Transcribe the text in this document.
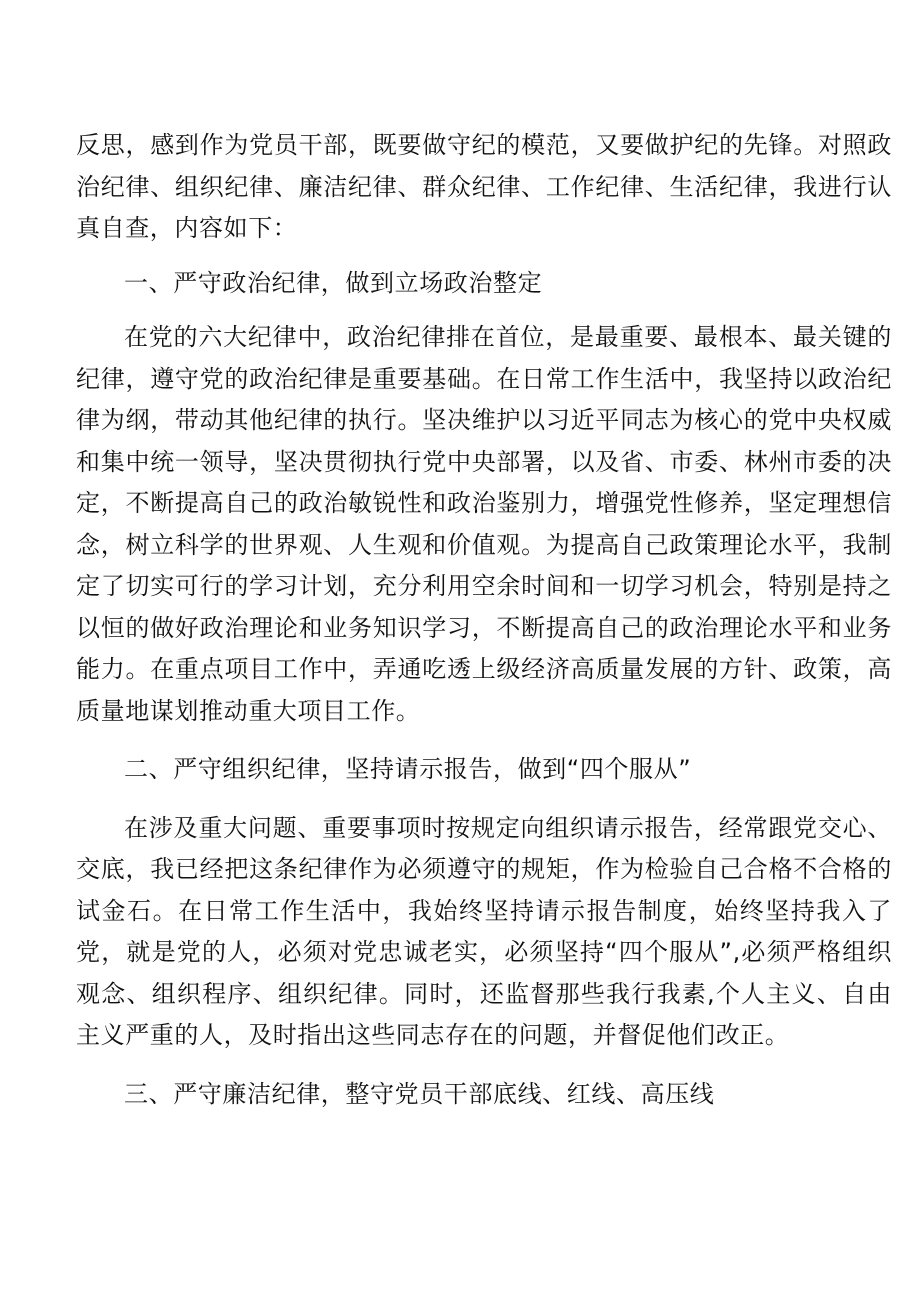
反思，感到作为党员干部，既要做守纪的模范，又要做护纪的先锋。对照政治纪律、组织纪律、廉洁纪律、群众纪律、工作纪律、生活纪律，我进行认真自查，内容如下：

一、严守政治纪律，做到立场政治整定

在党的六大纪律中，政治纪律排在首位，是最重要、最根本、最关键的纪律，遵守党的政治纪律是重要基础。在日常工作生活中，我坚持以政治纪律为纲，带动其他纪律的执行。坚决维护以习近平同志为核心的党中央权威和集中统一领导，坚决贯彻执行党中央部署，以及省、市委、林州市委的决定，不断提高自己的政治敏锐性和政治鉴别力，增强党性修养，坚定理想信念，树立科学的世界观、人生观和价值观。为提高自己政策理论水平，我制定了切实可行的学习计划，充分利用空余时间和一切学习机会，特别是持之以恒的做好政治理论和业务知识学习，不断提高自己的政治理论水平和业务能力。在重点项目工作中，弄通吃透上级经济高质量发展的方针、政策，高质量地谋划推动重大项目工作。

二、严守组织纪律，坚持请示报告，做到“四个服从”

在涉及重大问题、重要事项时按规定向组织请示报告，经常跟党交心、交底，我已经把这条纪律作为必须遵守的规矩，作为检验自己合格不合格的试金石。在日常工作生活中，我始终坚持请示报告制度，始终坚持我入了党，就是党的人，必须对党忠诚老实，必须坚持“四个服从”,必须严格组织观念、组织程序、组织纪律。同时，还监督那些我行我素,个人主义、自由主义严重的人，及时指出这些同志存在的问题，并督促他们改正。

三、严守廉洁纪律，整守党员干部底线、红线、高压线
